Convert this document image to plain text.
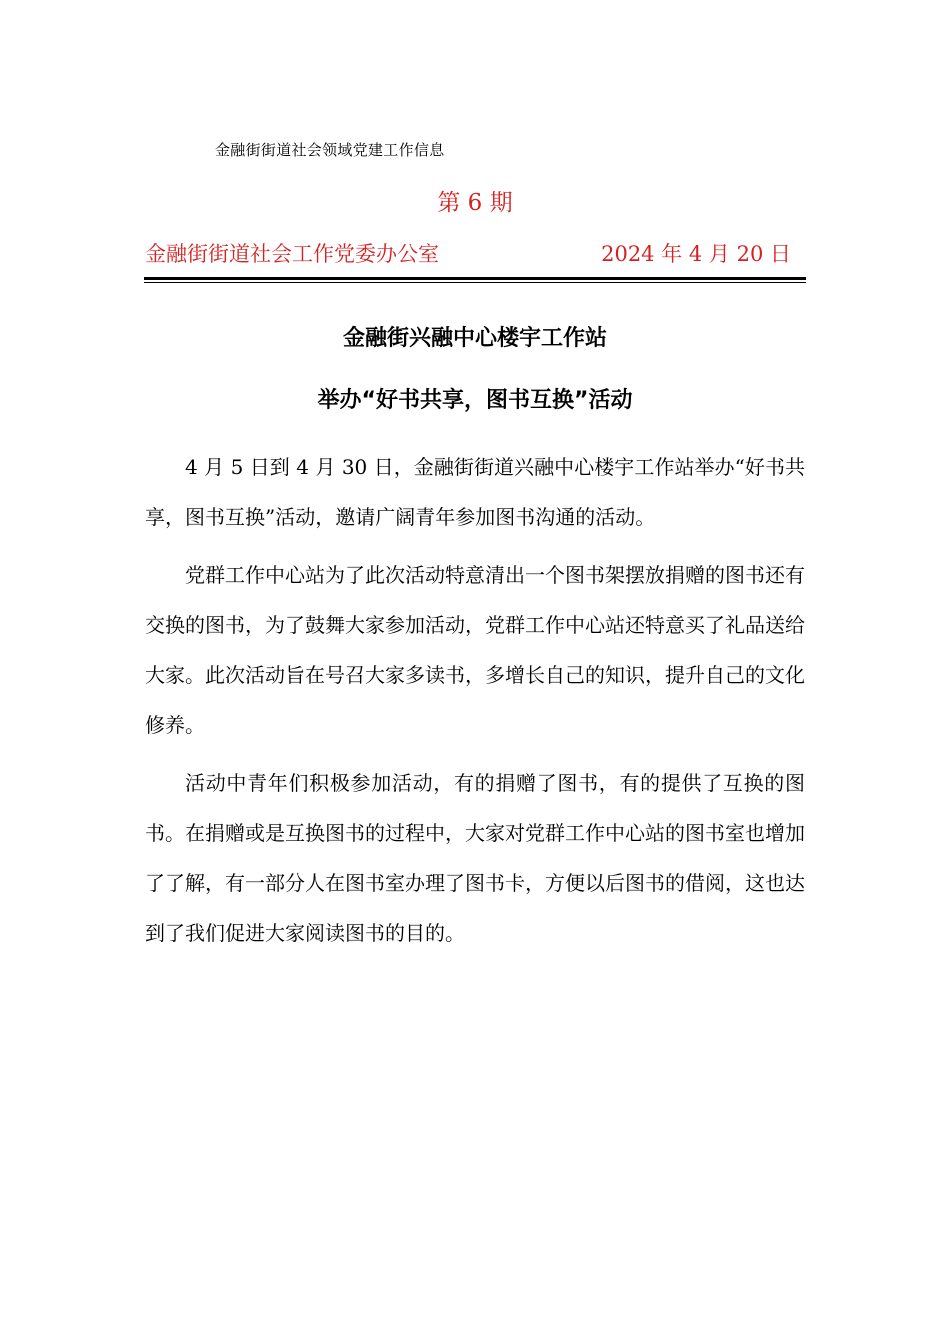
金融街街道社会领域党建工作信息
第 6 期
金融街街道社会工作党委办公室	2024 年 4 月 20 日
金融街兴融中心楼宇工作站
举办“好书共享，图书互换”活动

4 月 5 日到 4 月 30 日，金融街街道兴融中心楼宇工作站举办“好书共享，图书互换”活动，邀请广阔青年参加图书沟通的活动。

党群工作中心站为了此次活动特意清出一个图书架摆放捐赠的图书还有交换的图书，为了鼓舞大家参加活动，党群工作中心站还特意买了礼品送给大家。此次活动旨在号召大家多读书，多增长自己的知识，提升自己的文化修养。

活动中青年们积极参加活动，有的捐赠了图书，有的提供了互换的图书。在捐赠或是互换图书的过程中，大家对党群工作中心站的图书室也增加了了解，有一部分人在图书室办理了图书卡，方便以后图书的借阅，这也达到了我们促进大家阅读图书的目的。
